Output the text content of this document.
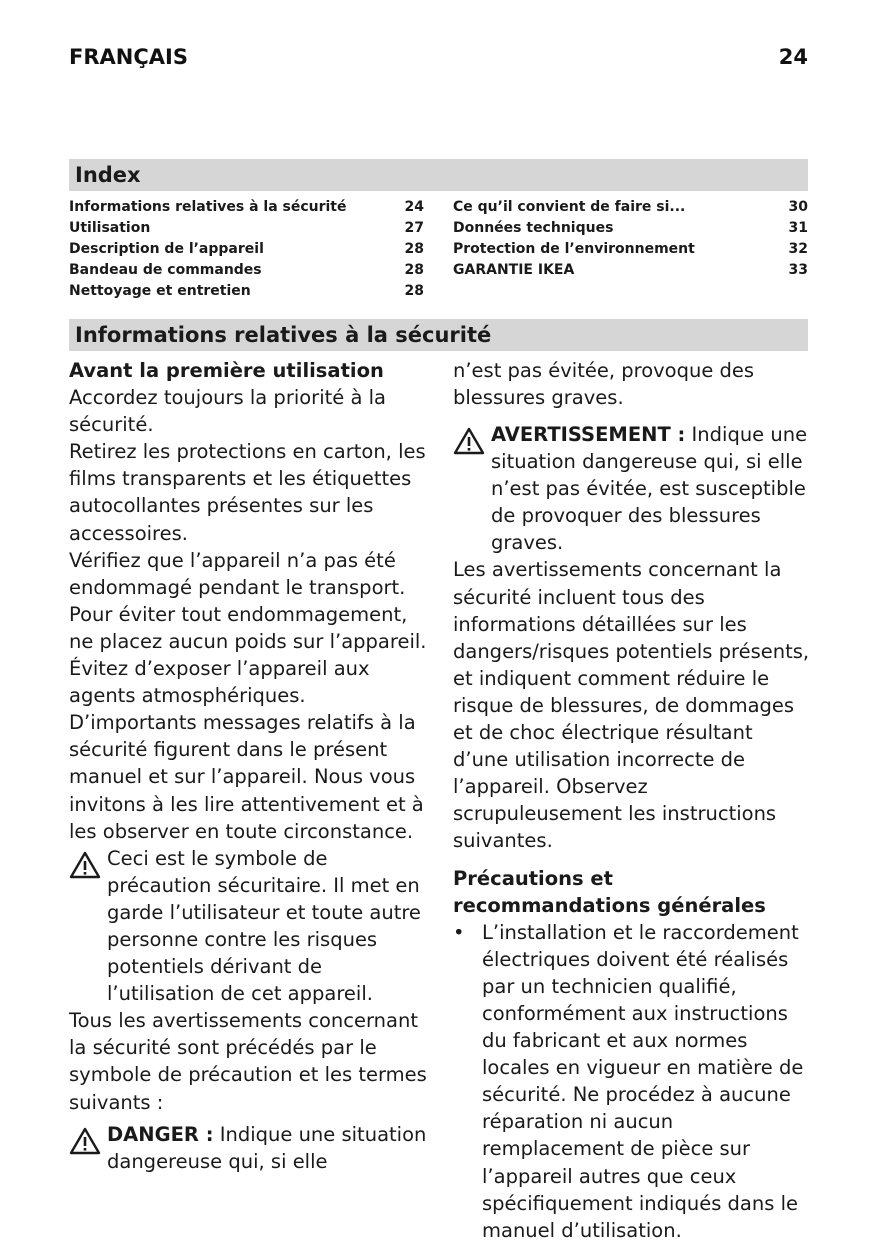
FRANÇAIS	24
Index
Informations relatives à la sécurité	24
Utilisation	27
Description de l’appareil	28
Bandeau de commandes	28
Nettoyage et entretien	28
Ce qu’il convient de faire si...	30
Données techniques	31
Protection de l’environnement	32
GARANTIE IKEA	33
Informations relatives à la sécurité

Avant la première utilisation

Accordez toujours la priorité à la sécurité.

Retirez les protections en carton, les films transparents et les étiquettes autocollantes présentes sur les accessoires.

Vérifiez que l’appareil n’a pas été endommagé pendant le transport. Pour éviter tout endommagement, ne placez aucun poids sur l’appareil. Évitez d’exposer l’appareil aux agents atmosphériques.

D’importants messages relatifs à la sécurité figurent dans le présent manuel et sur l’appareil. Nous vous invitons à les lire attentivement et à les observer en toute circonstance.

Ceci est le symbole de précaution sécuritaire. Il met en garde l’utilisateur et toute autre personne contre les risques potentiels dérivant de l’utilisation de cet appareil.

Tous les avertissements concernant la sécurité sont précédés par le symbole de précaution et les termes suivants :

DANGER : Indique une situation dangereuse qui, si elle

n’est pas évitée, provoque des blessures graves.

AVERTISSEMENT : Indique une situation dangereuse qui, si elle n’est pas évitée, est susceptible de provoquer des blessures graves.

Les avertissements concernant la sécurité incluent tous des informations détaillées sur les dangers/risques potentiels présents, et indiquent comment réduire le risque de blessures, de dommages et de choc électrique résultant d’une utilisation incorrecte de l’appareil. Observez scrupuleusement les instructions suivantes.

Précautions et recommandations générales

• L’installation et le raccordement électriques doivent été réalisés par un technicien qualifié, conformément aux instructions du fabricant et aux normes locales en vigueur en matière de sécurité. Ne procédez à aucune réparation ni aucun remplacement de pièce sur l’appareil autres que ceux spécifiquement indiqués dans le manuel d’utilisation.
